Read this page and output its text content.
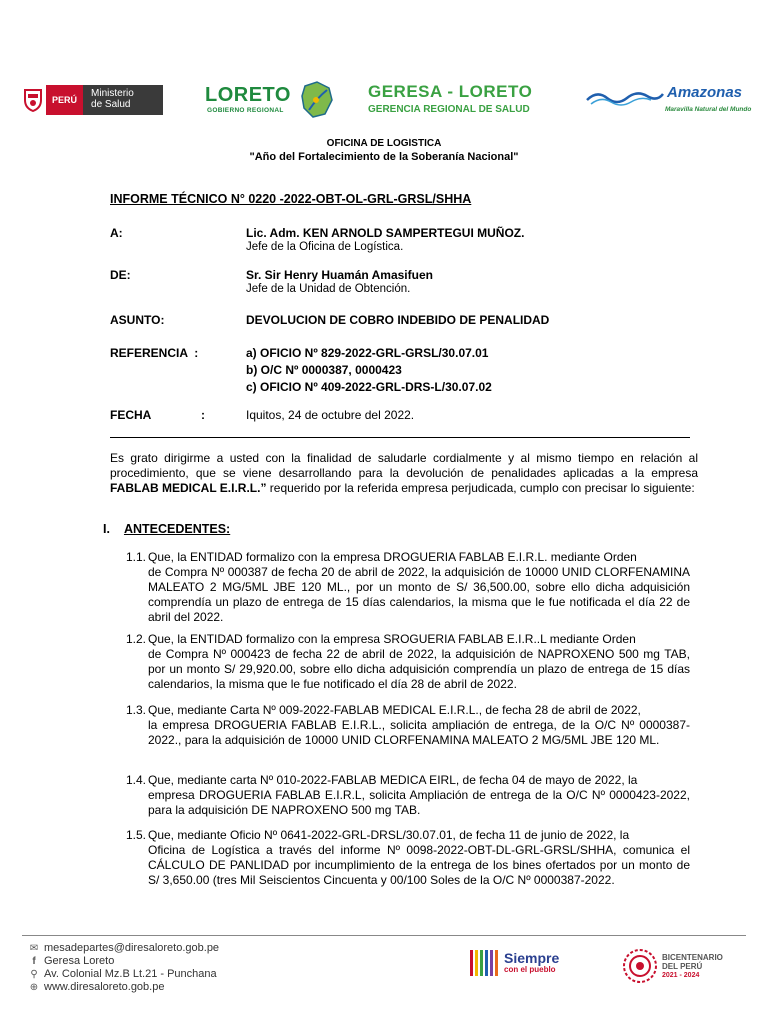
PERÚ
Ministerio
de Salud	LORETO
GOBIERNO REGIONAL
GERESA - LORETO
GERENCIA REGIONAL DE SALUD
Amazonas
Maravilla Natural del Mundo
OFICINA DE LOGÍSTICA
"Año del Fortalecimiento de la Soberanía Nacional"
INFORME TÉCNICO N° 0220 -2022-OBT-OL-GRL-GRSL/SHHA
A:	Lic. Adm. KEN ARNOLD SAMPERTEGUI MUÑOZ.
Jefe de la Oficina de Logística.
DE:	Sr. Sir Henry Huamán Amasifuen
Jefe de la Unidad de Obtención.
ASUNTO:	DEVOLUCION DE COBRO INDEBIDO DE PENALIDAD
REFERENCIA  :	a) OFICIO Nº 829-2022-GRL-GRSL/30.07.01
b) O/C Nº 0000387, 0000423
c) OFICIO Nº 409-2022-GRL-DRS-L/30.07.02
FECHA	:	Iquitos, 24 de octubre del 2022.
Es grato dirigirme a usted con la finalidad de saludarle cordialmente y al mismo tiempo en relación al procedimiento, que se viene desarrollando para la devolución de penalidades aplicadas a la empresa FABLAB MEDICAL E.I.R.L.” requerido por la referida empresa perjudicada, cumplo con precisar lo siguiente:
I. ANTECEDENTES:
1.1. Que, la ENTIDAD formalizo con la empresa DROGUERIA FABLAB E.I.R.L. mediante Orden
de Compra Nº 000387 de fecha 20 de abril de 2022, la adquisición de 10000 UNID CLORFENAMINA MALEATO 2 MG/5ML JBE 120 ML., por un monto de S/ 36,500.00, sobre ello dicha adquisición comprendía un plazo de entrega de 15 días calendarios, la misma que le fue notificada el día 22 de abril del 2022.
1.2. Que, la ENTIDAD formalizo con la empresa SROGUERIA FABLAB E.I.R..L mediante Orden
de Compra Nº 000423 de fecha 22 de abril de 2022, la adquisición de NAPROXENO 500 mg TAB, por un monto S/ 29,920.00, sobre ello dicha adquisición comprendía un plazo de entrega de 15 días calendarios, la misma que le fue notificado el día 28 de abril de 2022.
1.3. Que, mediante Carta Nº 009-2022-FABLAB MEDICAL E.I.R.L., de fecha 28 de abril de 2022,
la empresa DROGUERIA FABLAB E.I.R.L., solicita ampliación de entrega, de la O/C Nº 0000387-2022., para la adquisición de 10000 UNID CLORFENAMINA MALEATO 2 MG/5ML JBE 120 ML.
1.4. Que, mediante carta Nº 010-2022-FABLAB MEDICA EIRL, de fecha 04 de mayo de 2022, la
empresa DROGUERIA FABLAB E.I.R.L, solicita Ampliación de entrega de la O/C Nº 0000423-2022, para la adquisición DE NAPROXENO 500 mg TAB.
1.5. Que, mediante Oficio Nº 0641-2022-GRL-DRSL/30.07.01, de fecha 11 de junio de 2022, la
Oficina de Logística a través del informe Nº 0098-2022-OBT-DL-GRL-GRSL/SHHA, comunica el CÁLCULO DE PANLIDAD por incumplimiento de la entrega de los bines ofertados por un monto de S/ 3,650.00 (tres Mil Seiscientos Cincuenta y 00/100 Soles de la O/C Nº 0000387-2022.
✉ mesadepartes@diresaloreto.gob.pe
f Geresa Loreto
⚲ Av. Colonial Mz.B Lt.21 - Punchana
⊕ www.diresaloreto.gob.pe
Siempre
con el pueblo
BICENTENARIO
DEL PERÚ
2021 - 2024
